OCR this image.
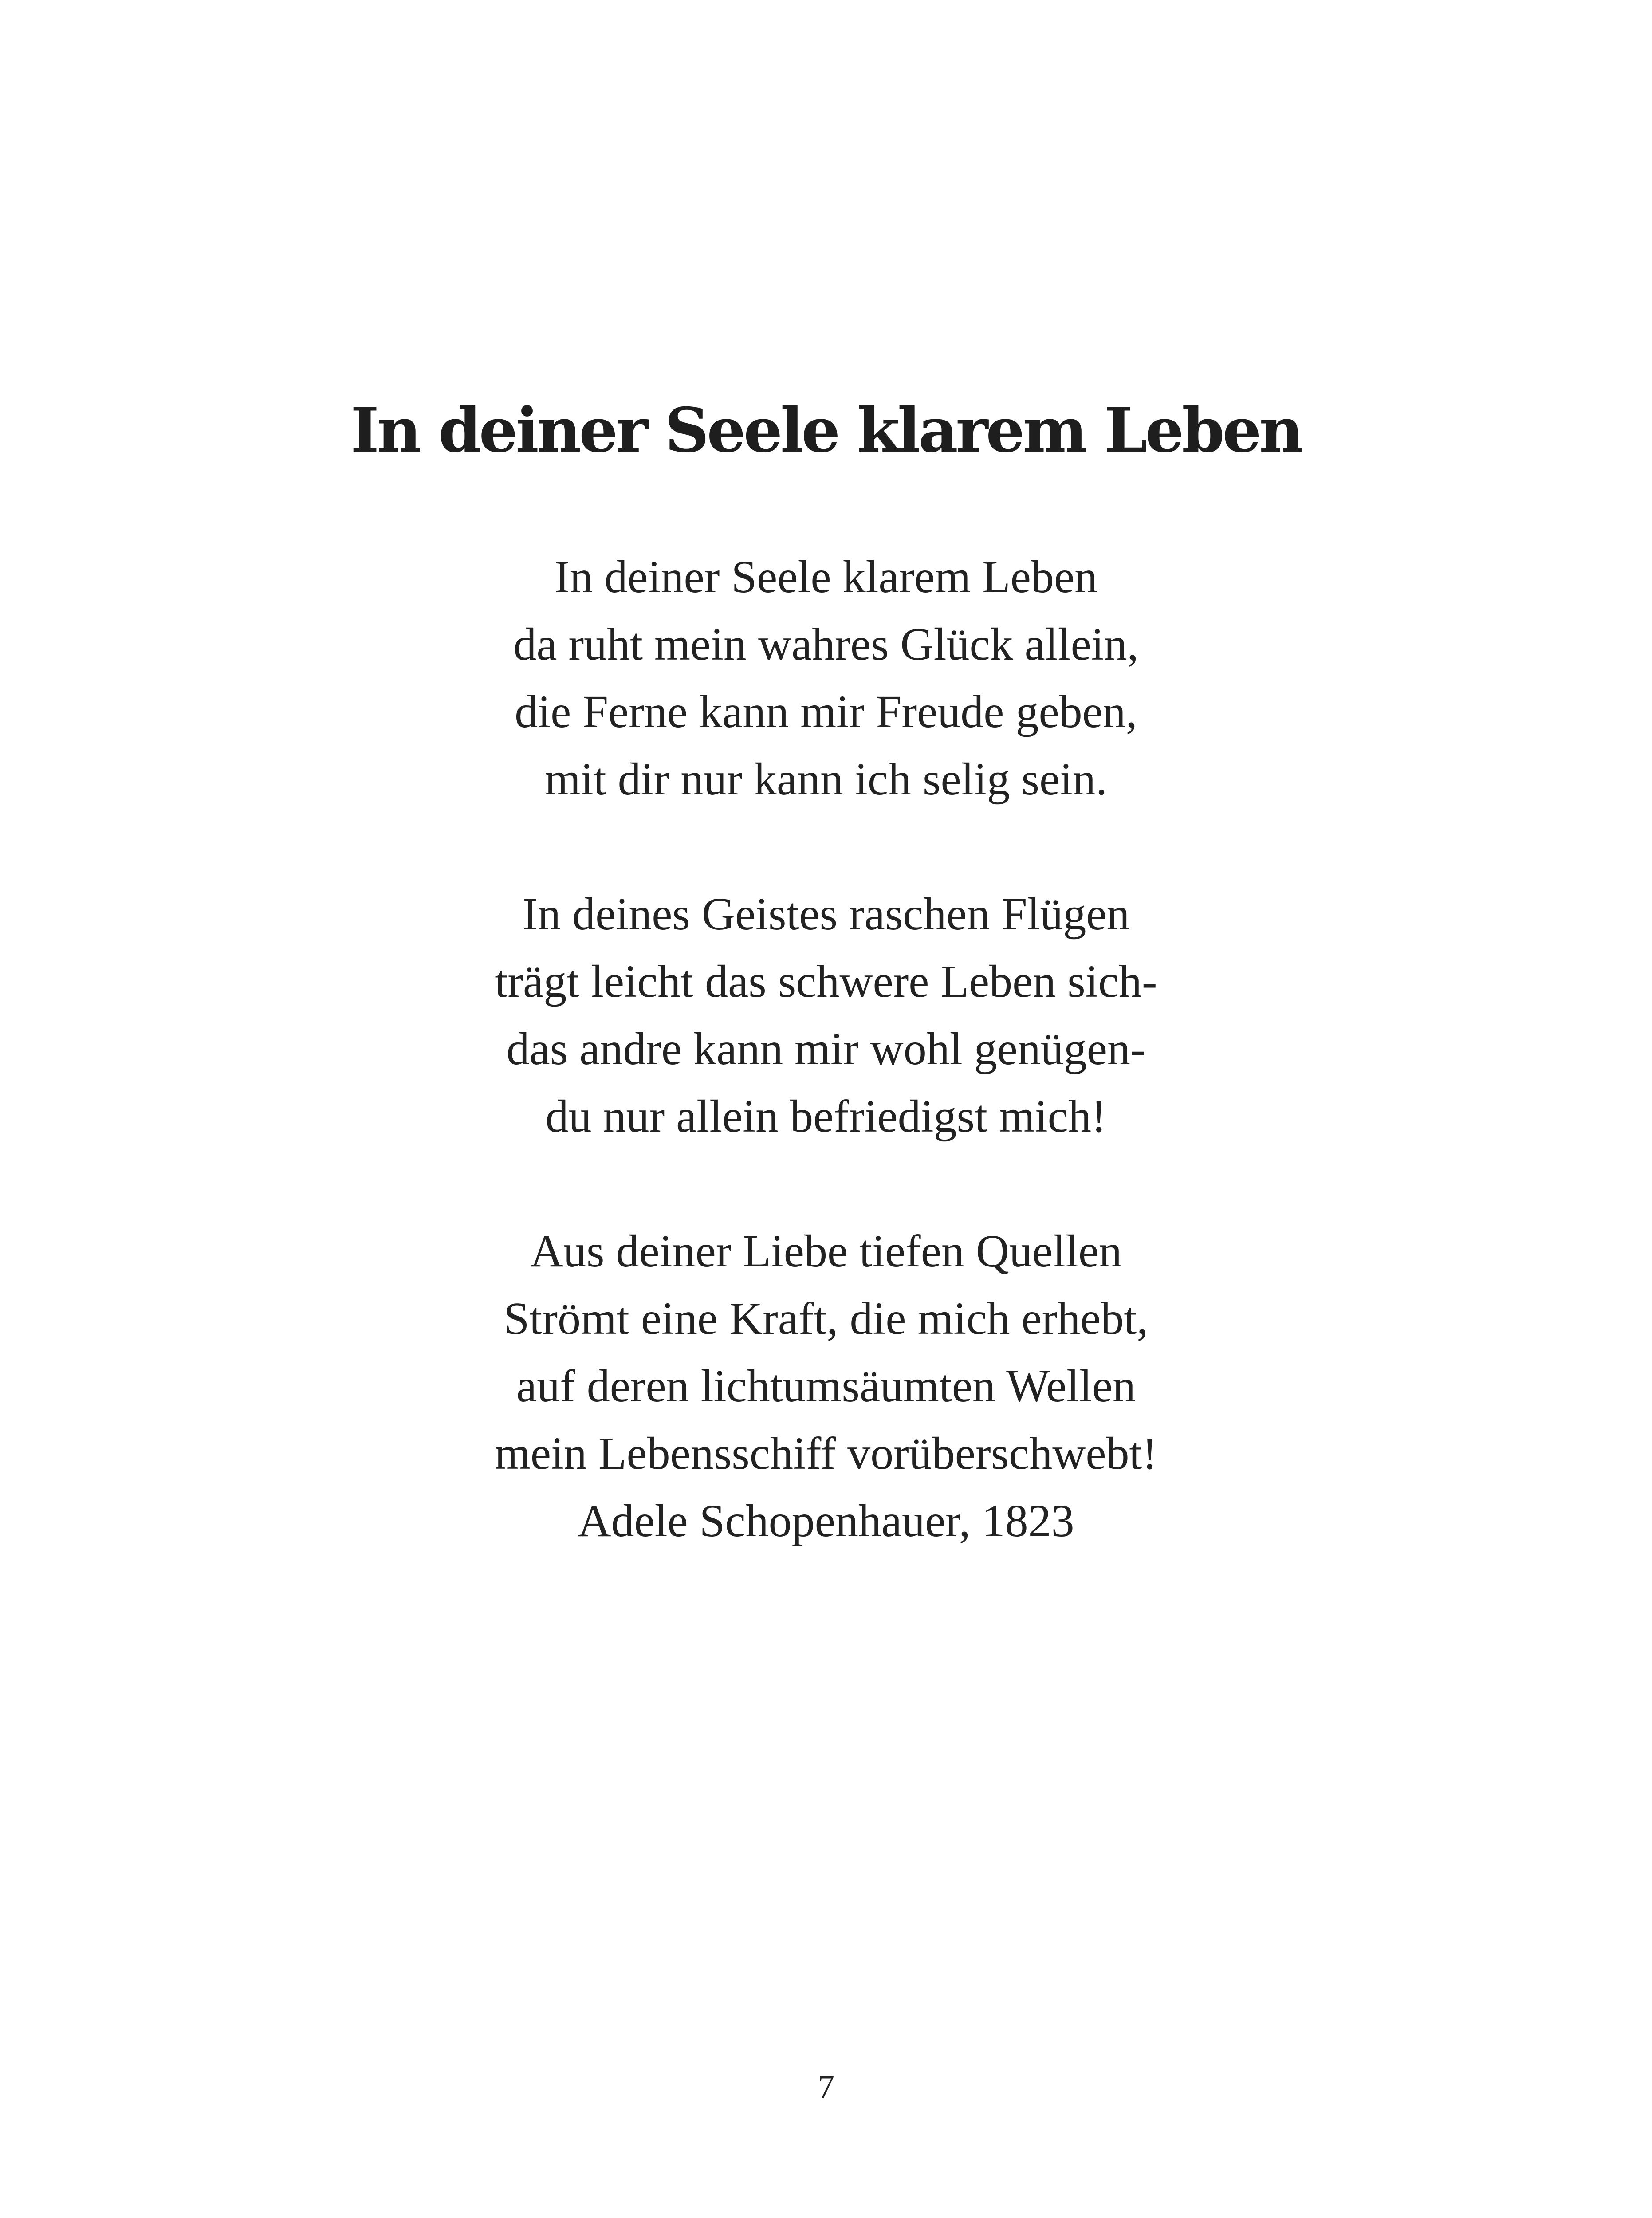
In deiner Seele klarem Leben

In deiner Seele klarem Leben
da ruht mein wahres Glück allein,
die Ferne kann mir Freude geben,
mit dir nur kann ich selig sein.

In deines Geistes raschen Flügen
trägt leicht das schwere Leben sich-
das andre kann mir wohl genügen-
du nur allein befriedigst mich!

Aus deiner Liebe tiefen Quellen
Strömt eine Kraft, die mich erhebt,
auf deren lichtumsäumten Wellen
mein Lebensschiff vorüberschwebt!
Adele Schopenhauer, 1823

7
